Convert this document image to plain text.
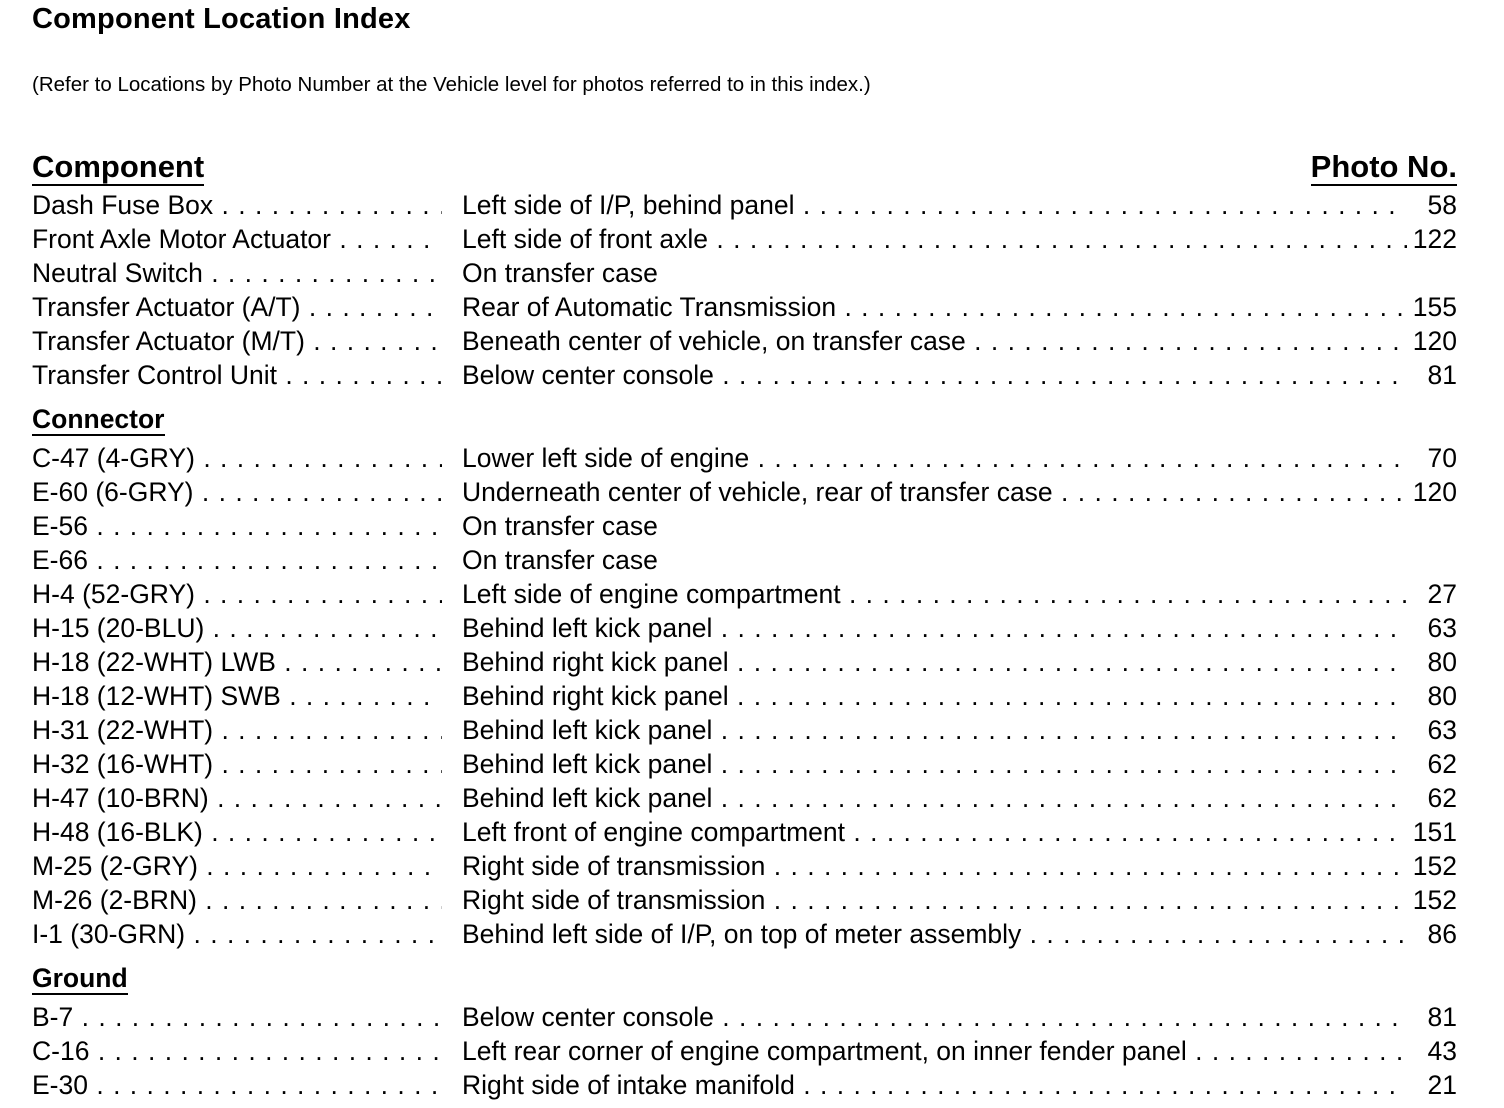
Component Location Index
(Refer to Locations by Photo Number at the Vehicle level for photos referred to in this index.)
Component	Photo No.
Dash Fuse Box . . .	Left side of I/P, behind panel . . .	58
Front Axle Motor Actuator . . .	Left side of front axle . . .	122
Neutral Switch . . .	On transfer case
Transfer Actuator (A/T) . . .	Rear of Automatic Transmission . . .	155
Transfer Actuator (M/T) . . .	Beneath center of vehicle, on transfer case . . .	120
Transfer Control Unit . . .	Below center console . . .	81
Connector
C-47 (4-GRY) . . .	Lower left side of engine . . .	70
E-60 (6-GRY) . . .	Underneath center of vehicle, rear of transfer case . . .	120
E-56 . . .	On transfer case
E-66 . . .	On transfer case
H-4 (52-GRY) . . .	Left side of engine compartment . . .	27
H-15 (20-BLU) . . .	Behind left kick panel . . .	63
H-18 (22-WHT) LWB . . .	Behind right kick panel . . .	80
H-18 (12-WHT) SWB . . .	Behind right kick panel . . .	80
H-31 (22-WHT) . . .	Behind left kick panel . . .	63
H-32 (16-WHT) . . .	Behind left kick panel . . .	62
H-47 (10-BRN) . . .	Behind left kick panel . . .	62
H-48 (16-BLK) . . .	Left front of engine compartment . . .	151
M-25 (2-GRY) . . .	Right side of transmission . . .	152
M-26 (2-BRN) . . .	Right side of transmission . . .	152
I-1 (30-GRN) . . .	Behind left side of I/P, on top of meter assembly . . .	86
Ground
B-7 . . .	Below center console . . .	81
C-16 . . .	Left rear corner of engine compartment, on inner fender panel . . .	43
E-30 . . .	Right side of intake manifold . . .	21
